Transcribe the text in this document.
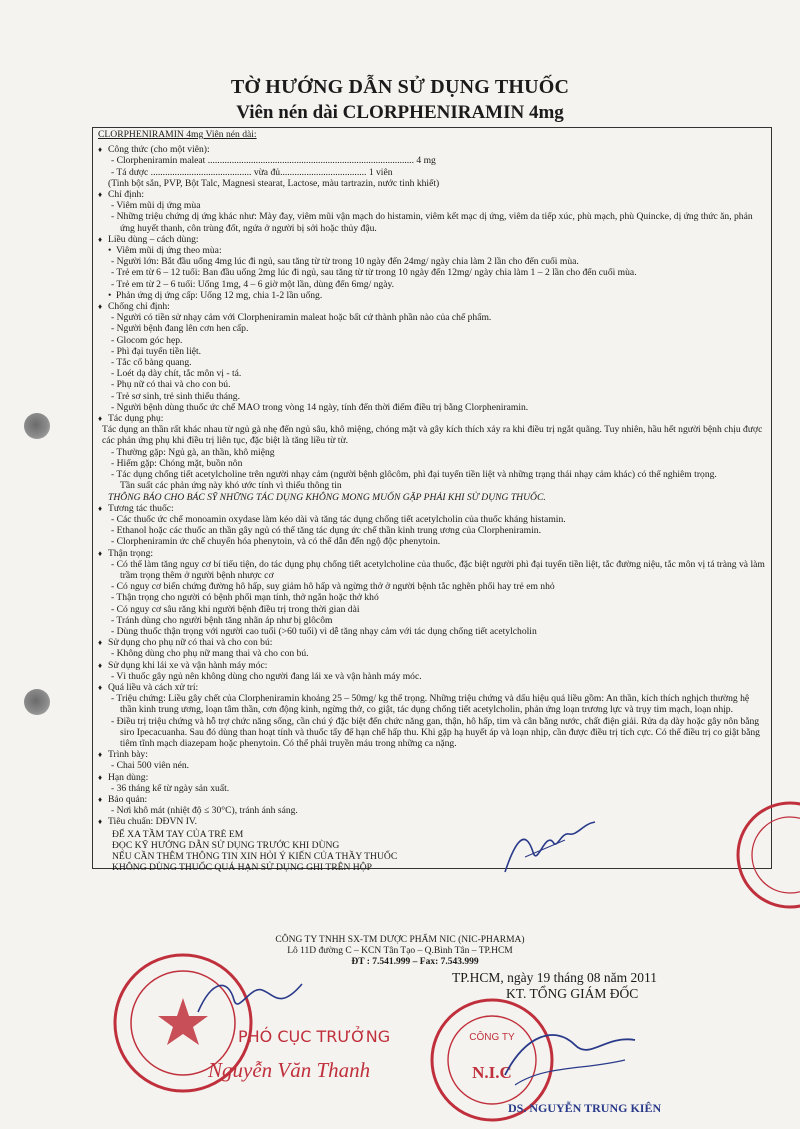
TỜ HƯỚNG DẪN SỬ DỤNG THUỐC
Viên nén dài CLORPHENIRAMIN 4mg
CLORPHENIRAMIN 4mg Viên nén dài:
♦ Công thức (cho một viên):
- Clorpheniramin maleat ...................................................................................... 4 mg
- Tá dược .......................................... vừa đủ.................................... 1 viên
(Tinh bột sắn, PVP, Bột Talc, Magnesi stearat, Lactose, màu tartrazin, nước tinh khiết)
♦ Chỉ định:
- Viêm mũi dị ứng mùa
- Những triệu chứng dị ứng khác như: Mày đay, viêm mũi vận mạch do histamin, viêm kết mạc dị ứng, viêm da tiếp xúc, phù mạch, phù Quincke, dị ứng thức ăn, phản ứng huyết thanh, côn trùng đốt, ngứa ở người bị sởi hoặc thủy đậu.
♦ Liều dùng – cách dùng:
• Viêm mũi dị ứng theo mùa:
- Người lớn: Bắt đầu uống 4mg lúc đi ngủ, sau tăng từ từ trong 10 ngày đến 24mg/ ngày chia làm 2 lần cho đến cuối mùa.
- Trẻ em từ 6 – 12 tuổi: Ban đầu uống 2mg lúc đi ngủ, sau tăng từ từ trong 10 ngày đến 12mg/ ngày chia làm 1 – 2 lần cho đến cuối mùa.
- Trẻ em từ 2 – 6 tuổi: Uống 1mg, 4 – 6 giờ một lần, dùng đến 6mg/ ngày.
• Phản ứng dị ứng cấp: Uống 12 mg, chia 1-2 lần uống.
♦ Chống chỉ định:
- Người có tiền sử nhạy cảm với Clorpheniramin maleat hoặc bất cứ thành phần nào của chế phẩm.
- Người bệnh đang lên cơn hen cấp.
- Glocom góc hẹp.
- Phì đại tuyến tiền liệt.
- Tắc cổ bàng quang.
- Loét dạ dày chít, tắc môn vị - tá.
- Phụ nữ có thai và cho con bú.
- Trẻ sơ sinh, trẻ sinh thiếu tháng.
- Người bệnh dùng thuốc ức chế MAO trong vòng 14 ngày, tính đến thời điểm điều trị bằng Clorpheniramin.
♦ Tác dụng phụ:
Tác dụng an thần rất khác nhau từ ngủ gà nhẹ đến ngủ sâu, khô miệng, chóng mặt và gây kích thích xảy ra khi điều trị ngắt quãng. Tuy nhiên, hầu hết người bệnh chịu được các phản ứng phụ khi điều trị liên tục, đặc biệt là tăng liều từ từ.
- Thường gặp: Ngủ gà, an thần, khô miệng
- Hiếm gặp: Chóng mặt, buồn nôn
- Tác dụng chống tiết acetylcholine trên người nhạy cảm (người bệnh glôcôm, phì đại tuyến tiền liệt và những trạng thái nhạy cảm khác) có thể nghiêm trọng.
Tần suất các phản ứng này khó ước tính vì thiếu thông tin
THÔNG BÁO CHO BÁC SỸ NHỮNG TÁC DỤNG KHÔNG MONG MUỐN GẶP PHẢI KHI SỬ DỤNG THUỐC.
♦ Tương tác thuốc:
- Các thuốc ức chế monoamin oxydase làm kéo dài và tăng tác dụng chống tiết acetylcholin của thuốc kháng histamin.
- Ethanol hoặc các thuốc an thần gây ngủ có thể tăng tác dụng ức chế thần kinh trung ương của Clorpheniramin.
- Clorpheniramin ức chế chuyển hóa phenytoin, và có thể dẫn đến ngộ độc phenytoin.
♦ Thận trọng:
- Có thể làm tăng nguy cơ bí tiểu tiện, do tác dụng phụ chống tiết acetylcholine của thuốc, đặc biệt người phì đại tuyến tiền liệt, tắc đường niệu, tắc môn vị tá tràng và làm trầm trọng thêm ở người bệnh nhược cơ
- Có nguy cơ biến chứng đường hô hấp, suy giảm hô hấp và ngừng thở ở người bệnh tắc nghẽn phổi hay trẻ em nhỏ
- Thận trọng cho người có bệnh phổi mạn tính, thở ngắn hoặc thở khó
- Có nguy cơ sâu răng khi người bệnh điều trị trong thời gian dài
- Tránh dùng cho người bệnh tăng nhãn áp như bị glôcôm
- Dùng thuốc thận trọng với người cao tuổi (>60 tuổi) vì dễ tăng nhạy cảm với tác dụng chống tiết acetylcholin
♦ Sử dụng cho phụ nữ có thai và cho con bú:
- Không dùng cho phụ nữ mang thai và cho con bú.
♦ Sử dụng khi lái xe và vận hành máy móc:
- Vì thuốc gây ngủ nên không dùng cho người đang lái xe và vận hành máy móc.
♦ Quá liều và cách xử trí:
- Triệu chứng: Liều gây chết của Clorpheniramin khoảng 25 – 50mg/ kg thể trọng. Những triệu chứng và dấu hiệu quá liều gồm: An thần, kích thích nghịch thường hệ thần kinh trung ương, loạn tâm thần, cơn động kinh, ngừng thở, co giật, tác dụng chống tiết acetylcholin, phản ứng loạn trương lực và trụy tim mạch, loạn nhịp.
- Điều trị triệu chứng và hỗ trợ chức năng sống, cần chú ý đặc biệt đến chức năng gan, thận, hô hấp, tim và cân bằng nước, chất điện giải. Rửa dạ dày hoặc gây nôn bằng siro Ipecacuanha. Sau đó dùng than hoạt tính và thuốc tẩy để hạn chế hấp thu. Khi gặp hạ huyết áp và loạn nhịp, cần được điều trị tích cực. Có thể điều trị co giật bằng tiêm tĩnh mạch diazepam hoặc phenytoin. Có thể phải truyền máu trong những ca nặng.
♦ Trình bày:
- Chai 500 viên nén.
♦ Hạn dùng:
- 36 tháng kể từ ngày sản xuất.
♦ Bảo quản:
- Nơi khô mát (nhiệt độ ≤ 30°C), tránh ánh sáng.
♦ Tiêu chuẩn: DĐVN IV.
ĐỂ XA TẦM TAY CỦA TRẺ EM
ĐỌC KỸ HƯỚNG DẪN SỬ DỤNG TRƯỚC KHI DÙNG
NẾU CẦN THÊM THÔNG TIN XIN HỎI Ý KIẾN CỦA THẦY THUỐC
KHÔNG DÙNG THUỐC QUÁ HẠN SỬ DỤNG GHI TRÊN HỘP
CÔNG TY TNHH SX-TM DƯỢC PHẨM NIC (NIC-PHARMA)
Lô 11D đường C – KCN Tân Tạo – Q.Bình Tân – TP.HCM
ĐT : 7.541.999 – Fax: 7.543.999
TP.HCM, ngày 19 tháng 08 năm 2011
KT. TỔNG GIÁM ĐỐC
PHÓ CỤC TRƯỞNG
Nguyễn Văn Thanh
CÔNG TY
N.I.C
DS. NGUYỄN TRUNG KIÊN
